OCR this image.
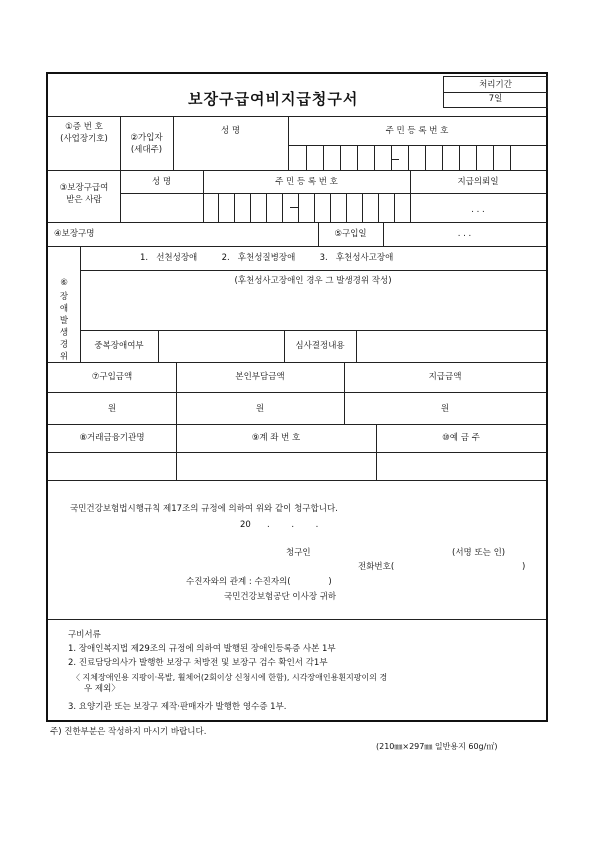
보장구급여비지급청구서
처리기간
7일
①증 번 호
(사업장기호)	②가입자
(세대주)
성 명	주 민 등 록 번 호
③보장구급여
받은 사람
성 명	주 민 등 록 번 호	지급의뢰일
. . .
④보장구명	⑤구입일	. . .
⑥
장
애
발
생
경
위
1.   선천성장애         2.   후천성질병장애         3.   후천성사고장애
(후천성사고장애인 경우 그 발생경위 작성)
중복장애여부	심사결정내용
⑦구입금액	본인부담금액	지급금액
원	원	원
⑧거래금융기관명	⑨계 좌 번 호	⑩예 금 주
국민건강보험법시행규칙 제17조의 규정에 의하여 위와 같이 청구합니다.
20      .        .        .
청구인	(서명 또는 인)
전화번호(	)
수진자와의 관계 : 수진자의(              )
국민건강보험공단 이사장 귀하
구비서류
1. 장애인복지법 제29조의 규정에 의하여 발행된 장애인등록증 사본 1부
2. 진료담당의사가 발행한 보장구 처방전 및 보장구 검수 확인서 각1부
〈 지체장애인용 지팡이·목발, 휠체어(2회이상 신청시에 한함), 시각장애인용흰지팡이의 경
우 제외〉
3. 요양기관 또는 보장구 제작·판매자가 발행한 영수증 1부.
주) 진한부분은 작성하지 마시기 바랍니다.
(210㎜×297㎜ 일반용지 60g/㎡)
